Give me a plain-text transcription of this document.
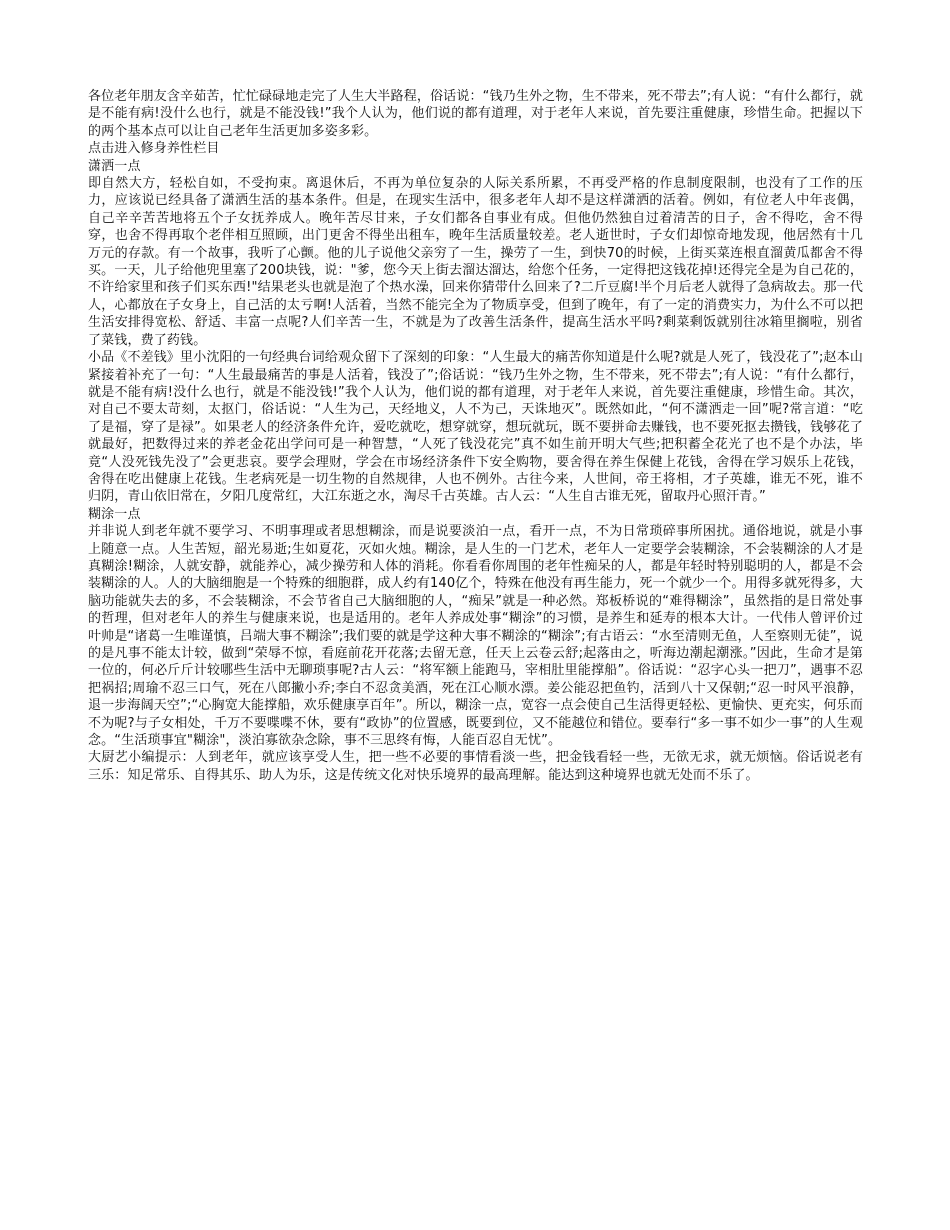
各位老年朋友含辛茹苦，忙忙碌碌地走完了人生大半路程，俗话说：“钱乃生外之物，生不带来，死不带去”;有人说：“有什么都行，就是不能有病!没什么也行，就是不能没钱!”我个人认为，他们说的都有道理，对于老年人来说，首先要注重健康，珍惜生命。把握以下的两个基本点可以让自己老年生活更加多姿多彩。

点击进入修身养性栏目

潇洒一点

即自然大方，轻松自如，不受拘束。离退休后，不再为单位复杂的人际关系所累，不再受严格的作息制度限制，也没有了工作的压力，应该说已经具备了潇洒生活的基本条件。但是，在现实生活中，很多老年人却不是这样潇洒的活着。例如，有位老人中年丧偶，自己辛辛苦苦地将五个子女抚养成人。晚年苦尽甘来，子女们都各自事业有成。但他仍然独自过着清苦的日子，舍不得吃，舍不得穿，也舍不得再取个老伴相互照顾，出门更舍不得坐出租车，晚年生活质量较差。老人逝世时，子女们却惊奇地发现，他居然有十几万元的存款。有一个故事，我听了心颤。他的儿子说他父亲穷了一生，操劳了一生，到快70的时候，上街买菜连根直溜黄瓜都舍不得买。一天，儿子给他兜里塞了200块钱，说："爹，您今天上街去溜达溜达，给您个任务，一定得把这钱花掉!还得完全是为自己花的，不许给家里和孩子们买东西!"结果老头也就是泡了个热水澡，回来你猜带什么回来了?二斤豆腐!半个月后老人就得了急病故去。那一代人，心都放在子女身上，自己活的太亏啊!人活着，当然不能完全为了物质享受，但到了晚年，有了一定的消费实力，为什么不可以把生活安排得宽松、舒适、丰富一点呢?人们辛苦一生，不就是为了改善生活条件，提高生活水平吗?剩菜剩饭就别往冰箱里搁啦，别省了菜钱，费了药钱。

小品《不差钱》里小沈阳的一句经典台词给观众留下了深刻的印象：“人生最大的痛苦你知道是什么呢?就是人死了，钱没花了”;赵本山紧接着补充了一句：“人生最最痛苦的事是人活着，钱没了”;俗话说：“钱乃生外之物，生不带来，死不带去”;有人说：“有什么都行，就是不能有病!没什么也行，就是不能没钱!”我个人认为，他们说的都有道理，对于老年人来说，首先要注重健康，珍惜生命。其次，对自己不要太苛刻，太抠门，俗话说：“人生为己，天经地义，人不为己，天诛地灭”。既然如此，“何不潇洒走一回”呢?常言道：“吃了是福，穿了是禄”。如果老人的经济条件允许，爱吃就吃，想穿就穿，想玩就玩，既不要拼命去赚钱，也不要死抠去攒钱，钱够花了就最好，把数得过来的养老金花出学问可是一种智慧，“人死了钱没花完”真不如生前开明大气些;把积蓄全花光了也不是个办法，毕竟“人没死钱先没了”会更悲哀。要学会理财，学会在市场经济条件下安全购物，要舍得在养生保健上花钱，舍得在学习娱乐上花钱，舍得在吃出健康上花钱。生老病死是一切生物的自然规律，人也不例外。古往今来，人世间，帝王将相，才子英雄，谁无不死，谁不归阴，青山依旧常在，夕阳几度常红，大江东逝之水，淘尽千古英雄。古人云：“人生自古谁无死，留取丹心照汗青。”

糊涂一点

并非说人到老年就不要学习、不明事理或者思想糊涂，而是说要淡泊一点，看开一点，不为日常琐碎事所困扰。通俗地说，就是小事上随意一点。人生苦短，韶光易逝;生如夏花，灭如火烛。糊涂，是人生的一门艺术，老年人一定要学会装糊涂，不会装糊涂的人才是真糊涂!糊涂，人就安静，就能养心，减少操劳和人体的消耗。你看看你周围的老年性痴呆的人，都是年轻时特别聪明的人，都是不会装糊涂的人。人的大脑细胞是一个特殊的细胞群，成人约有140亿个，特殊在他没有再生能力，死一个就少一个。用得多就死得多，大脑功能就失去的多，不会装糊涂，不会节省自己大脑细胞的人，“痴呆”就是一种必然。郑板桥说的“难得糊涂”，虽然指的是日常处事的哲理，但对老年人的养生与健康来说，也是适用的。老年人养成处事“糊涂”的习惯，是养生和延寿的根本大计。一代伟人曾评价过叶帅是“诸葛一生唯谨慎，吕端大事不糊涂”;我们要的就是学这种大事不糊涂的“糊涂”;有古语云：“水至清则无鱼，人至察则无徒”，说的是凡事不能太计较，做到“荣辱不惊，看庭前花开花落;去留无意，任天上云卷云舒;起落由之，听海边潮起潮涨。”因此，生命才是第一位的，何必斤斤计较哪些生活中无聊琐事呢?古人云：“将军额上能跑马，宰相肚里能撑船”。俗话说：“忍字心头一把刀”，遇事不忍把祸招;周瑜不忍三口气，死在八郎撇小乔;李白不忍贪美酒，死在江心顺水漂。姜公能忍把鱼钓，活到八十又保朝;“忍一时风平浪静，退一步海阔天空”;“心胸宽大能撑船，欢乐健康享百年”。所以，糊涂一点，宽容一点会使自己生活得更轻松、更愉快、更充实，何乐而不为呢?与子女相处，千万不要喋喋不休，要有“政协”的位置感，既要到位，又不能越位和错位。要奉行“多一事不如少一事”的人生观念。“生活琐事宜"糊涂"，淡泊寡欲杂念除，事不三思终有悔，人能百忍自无忧”。

大厨艺小编提示：人到老年，就应该享受人生，把一些不必要的事情看淡一些，把金钱看轻一些，无欲无求，就无烦恼。俗话说老有三乐：知足常乐、自得其乐、助人为乐，这是传统文化对快乐境界的最高理解。能达到这种境界也就无处而不乐了。
